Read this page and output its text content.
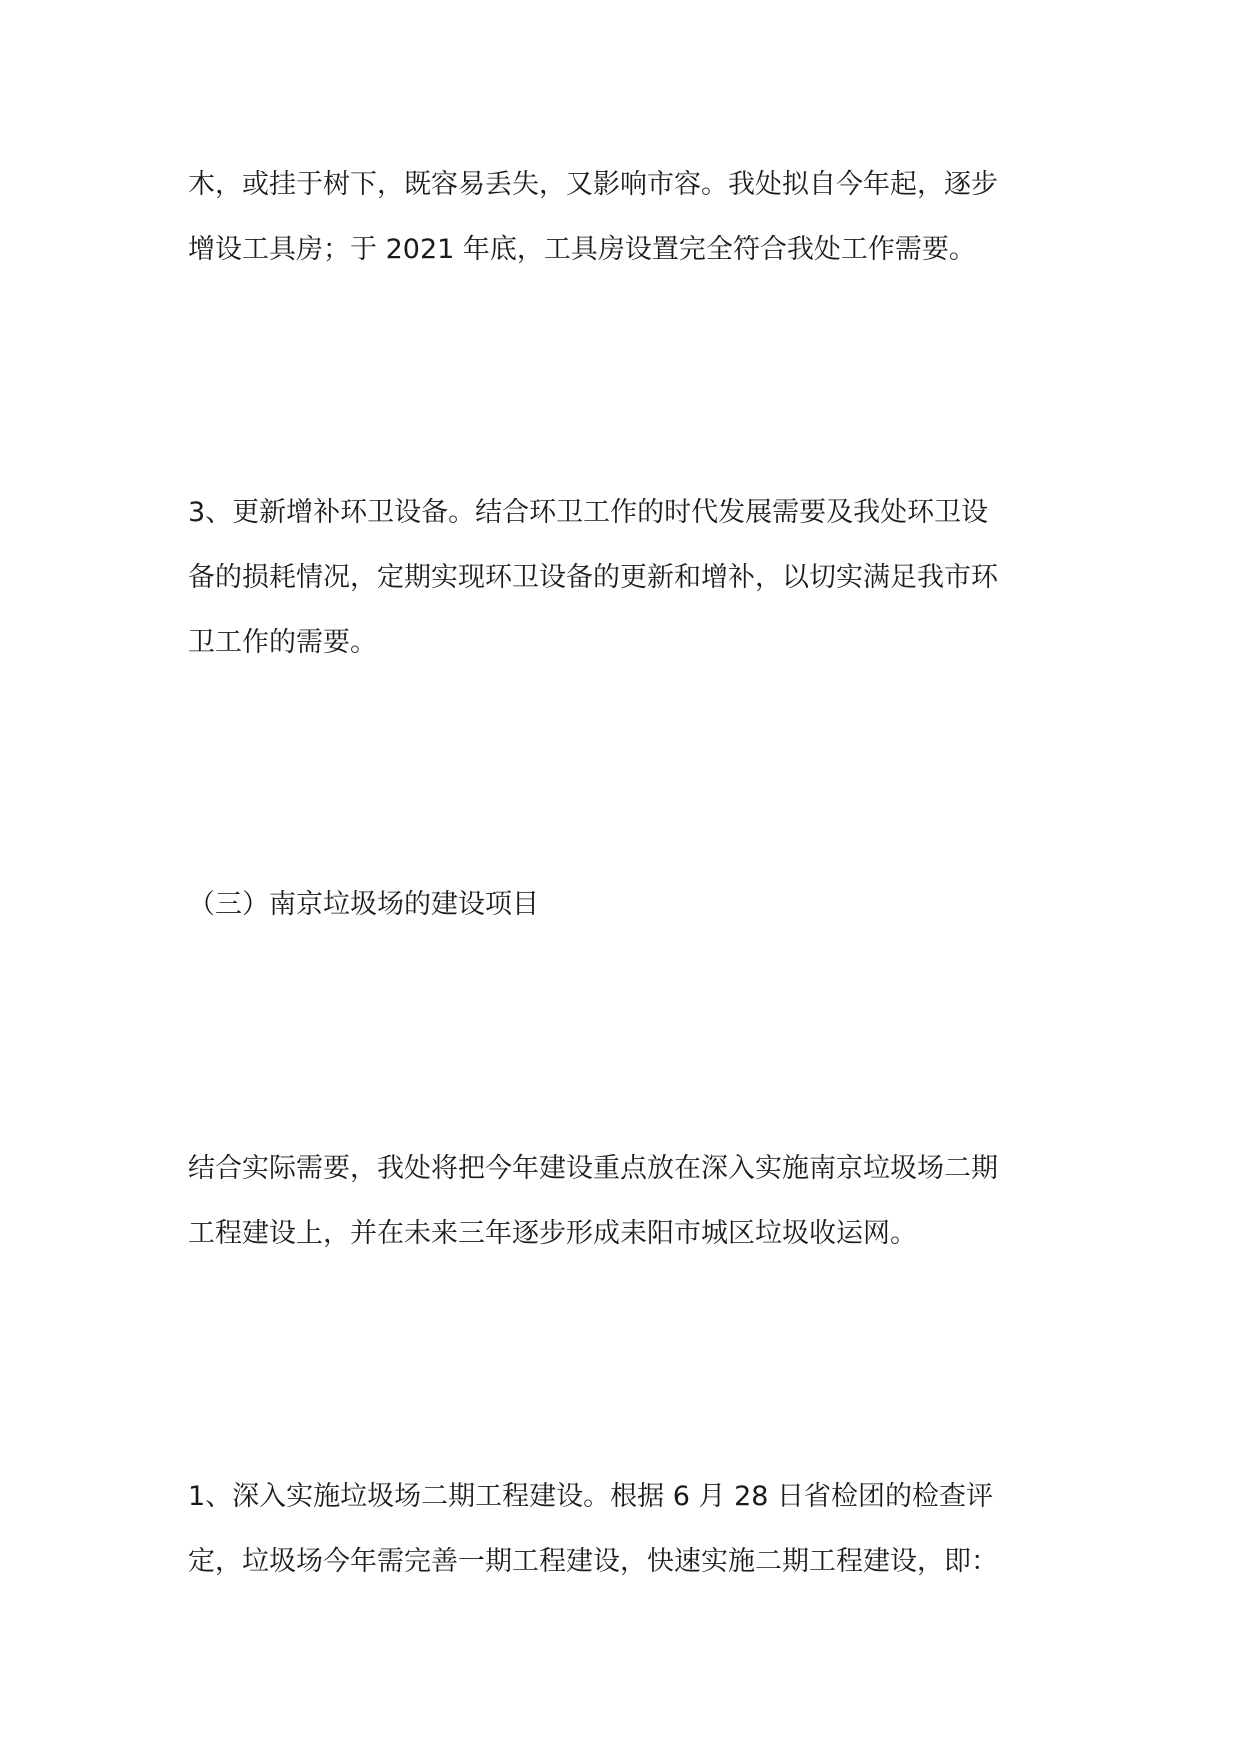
木，或挂于树下，既容易丢失，又影响市容。我处拟自今年起，逐步
增设工具房；于 2021 年底，工具房设置完全符合我处工作需要。

3、更新增补环卫设备。结合环卫工作的时代发展需要及我处环卫设
备的损耗情况，定期实现环卫设备的更新和增补，以切实满足我市环
卫工作的需要。

（三）南京垃圾场的建设项目

结合实际需要，我处将把今年建设重点放在深入实施南京垃圾场二期
工程建设上，并在未来三年逐步形成耒阳市城区垃圾收运网。

1、深入实施垃圾场二期工程建设。根据 6 月 28 日省检团的检查评
定，垃圾场今年需完善一期工程建设，快速实施二期工程建设，即：
